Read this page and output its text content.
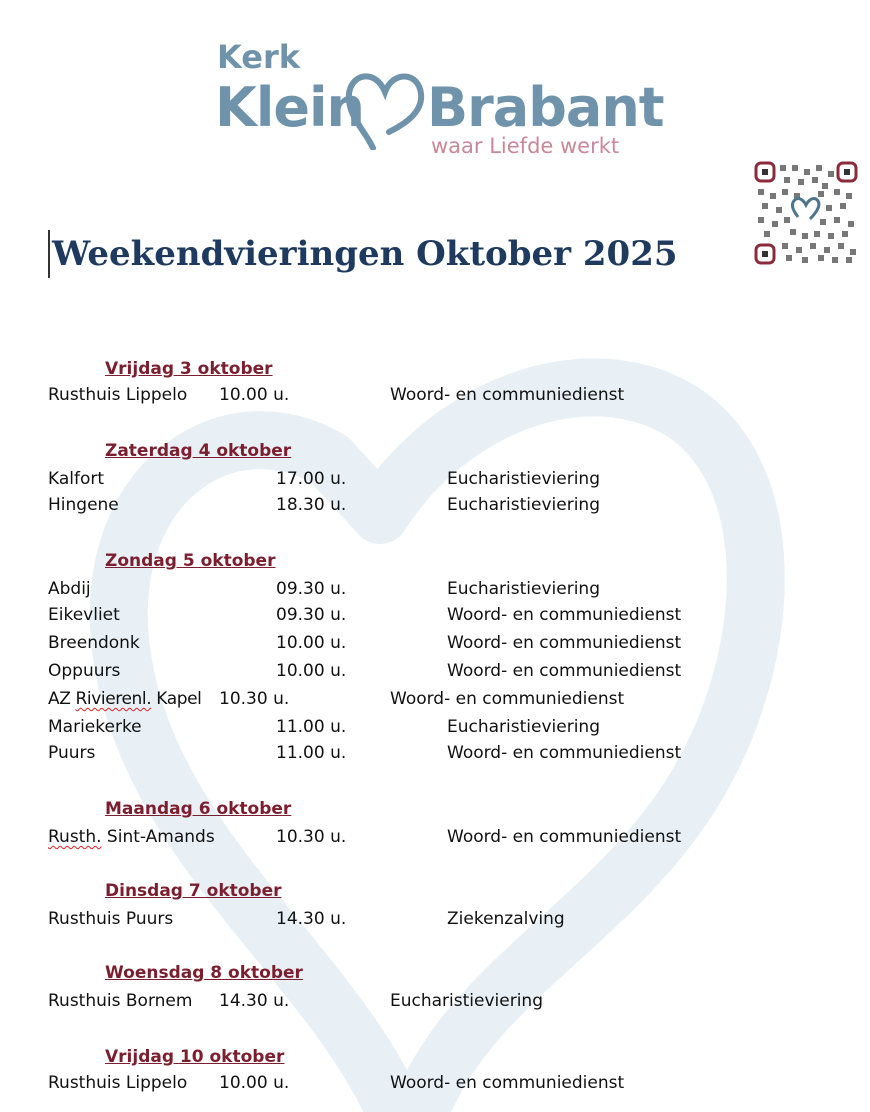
Kerk
Klein Brabant
waar Liefde werkt
Weekendvieringen Oktober 2025
Vrijdag 3 oktober
Rusthuis Lippelo 10.00 u.	Woord- en communiedienst
Zaterdag 4 oktober
Kalfort	17.00 u.	Eucharistieviering
Hingene	18.30 u.	Eucharistieviering
Zondag 5 oktober
Abdij	09.30 u.	Eucharistieviering
Eikevliet	09.30 u.	Woord- en communiedienst
Breendonk	10.00 u.	Woord- en communiedienst
Oppuurs	10.00 u.	Woord- en communiedienst
AZ Rivierenl. Kapel 10.30 u.	Woord- en communiedienst
Mariekerke	11.00 u.	Eucharistieviering
Puurs	11.00 u.	Woord- en communiedienst
Maandag 6 oktober
Rusth. Sint-Amands	10.30 u.	Woord- en communiedienst
Dinsdag 7 oktober
Rusthuis Puurs	14.30 u.	Ziekenzalving
Woensdag 8 oktober
Rusthuis Bornem 14.30 u.	Eucharistieviering
Vrijdag 10 oktober
Rusthuis Lippelo 10.00 u.	Woord- en communiedienst
